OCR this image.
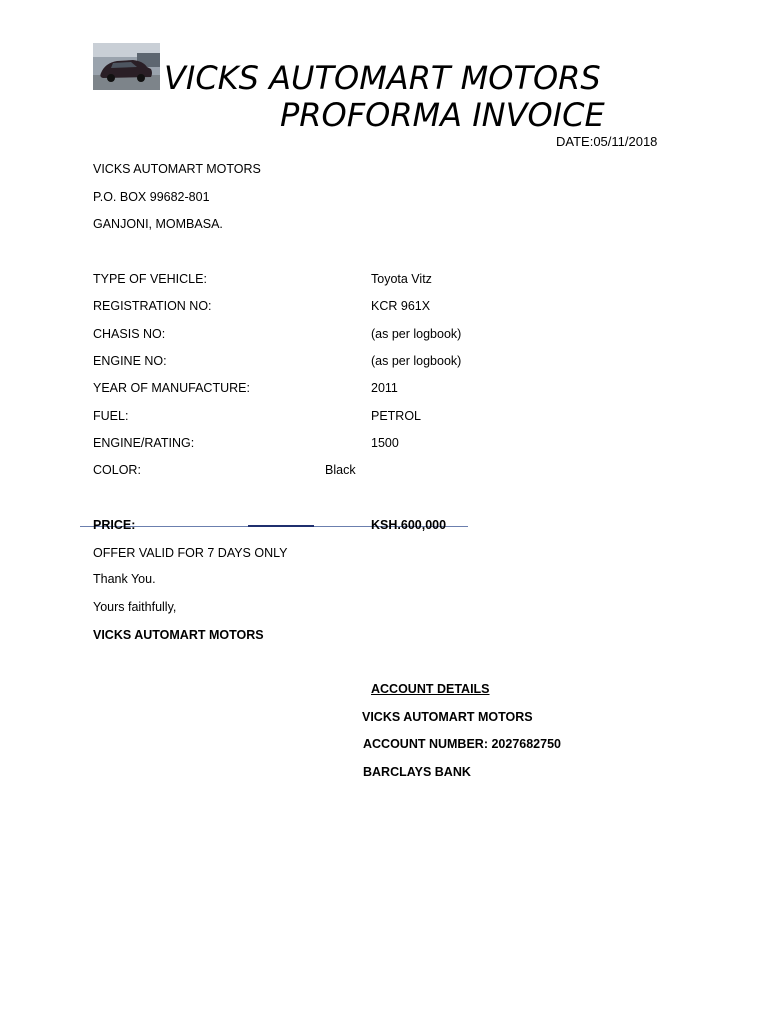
VICKS AUTOMART MOTORS
PROFORMA INVOICE
DATE:05/11/2018
VICKS AUTOMART MOTORS
P.O. BOX 99682-801
GANJONI, MOMBASA.
TYPE OF VEHICLE:	Toyota Vitz
REGISTRATION NO:	KCR 961X
CHASIS NO:	(as per logbook)
ENGINE NO:	(as per logbook)
YEAR OF MANUFACTURE:	2011
FUEL:	PETROL
ENGINE/RATING:	1500
COLOR:	Black
PRICE:	KSH.600,000
OFFER VALID FOR 7 DAYS ONLY
Thank You.
Yours faithfully,
VICKS AUTOMART MOTORS
ACCOUNT DETAILS
VICKS AUTOMART MOTORS
ACCOUNT NUMBER: 2027682750
BARCLAYS BANK
